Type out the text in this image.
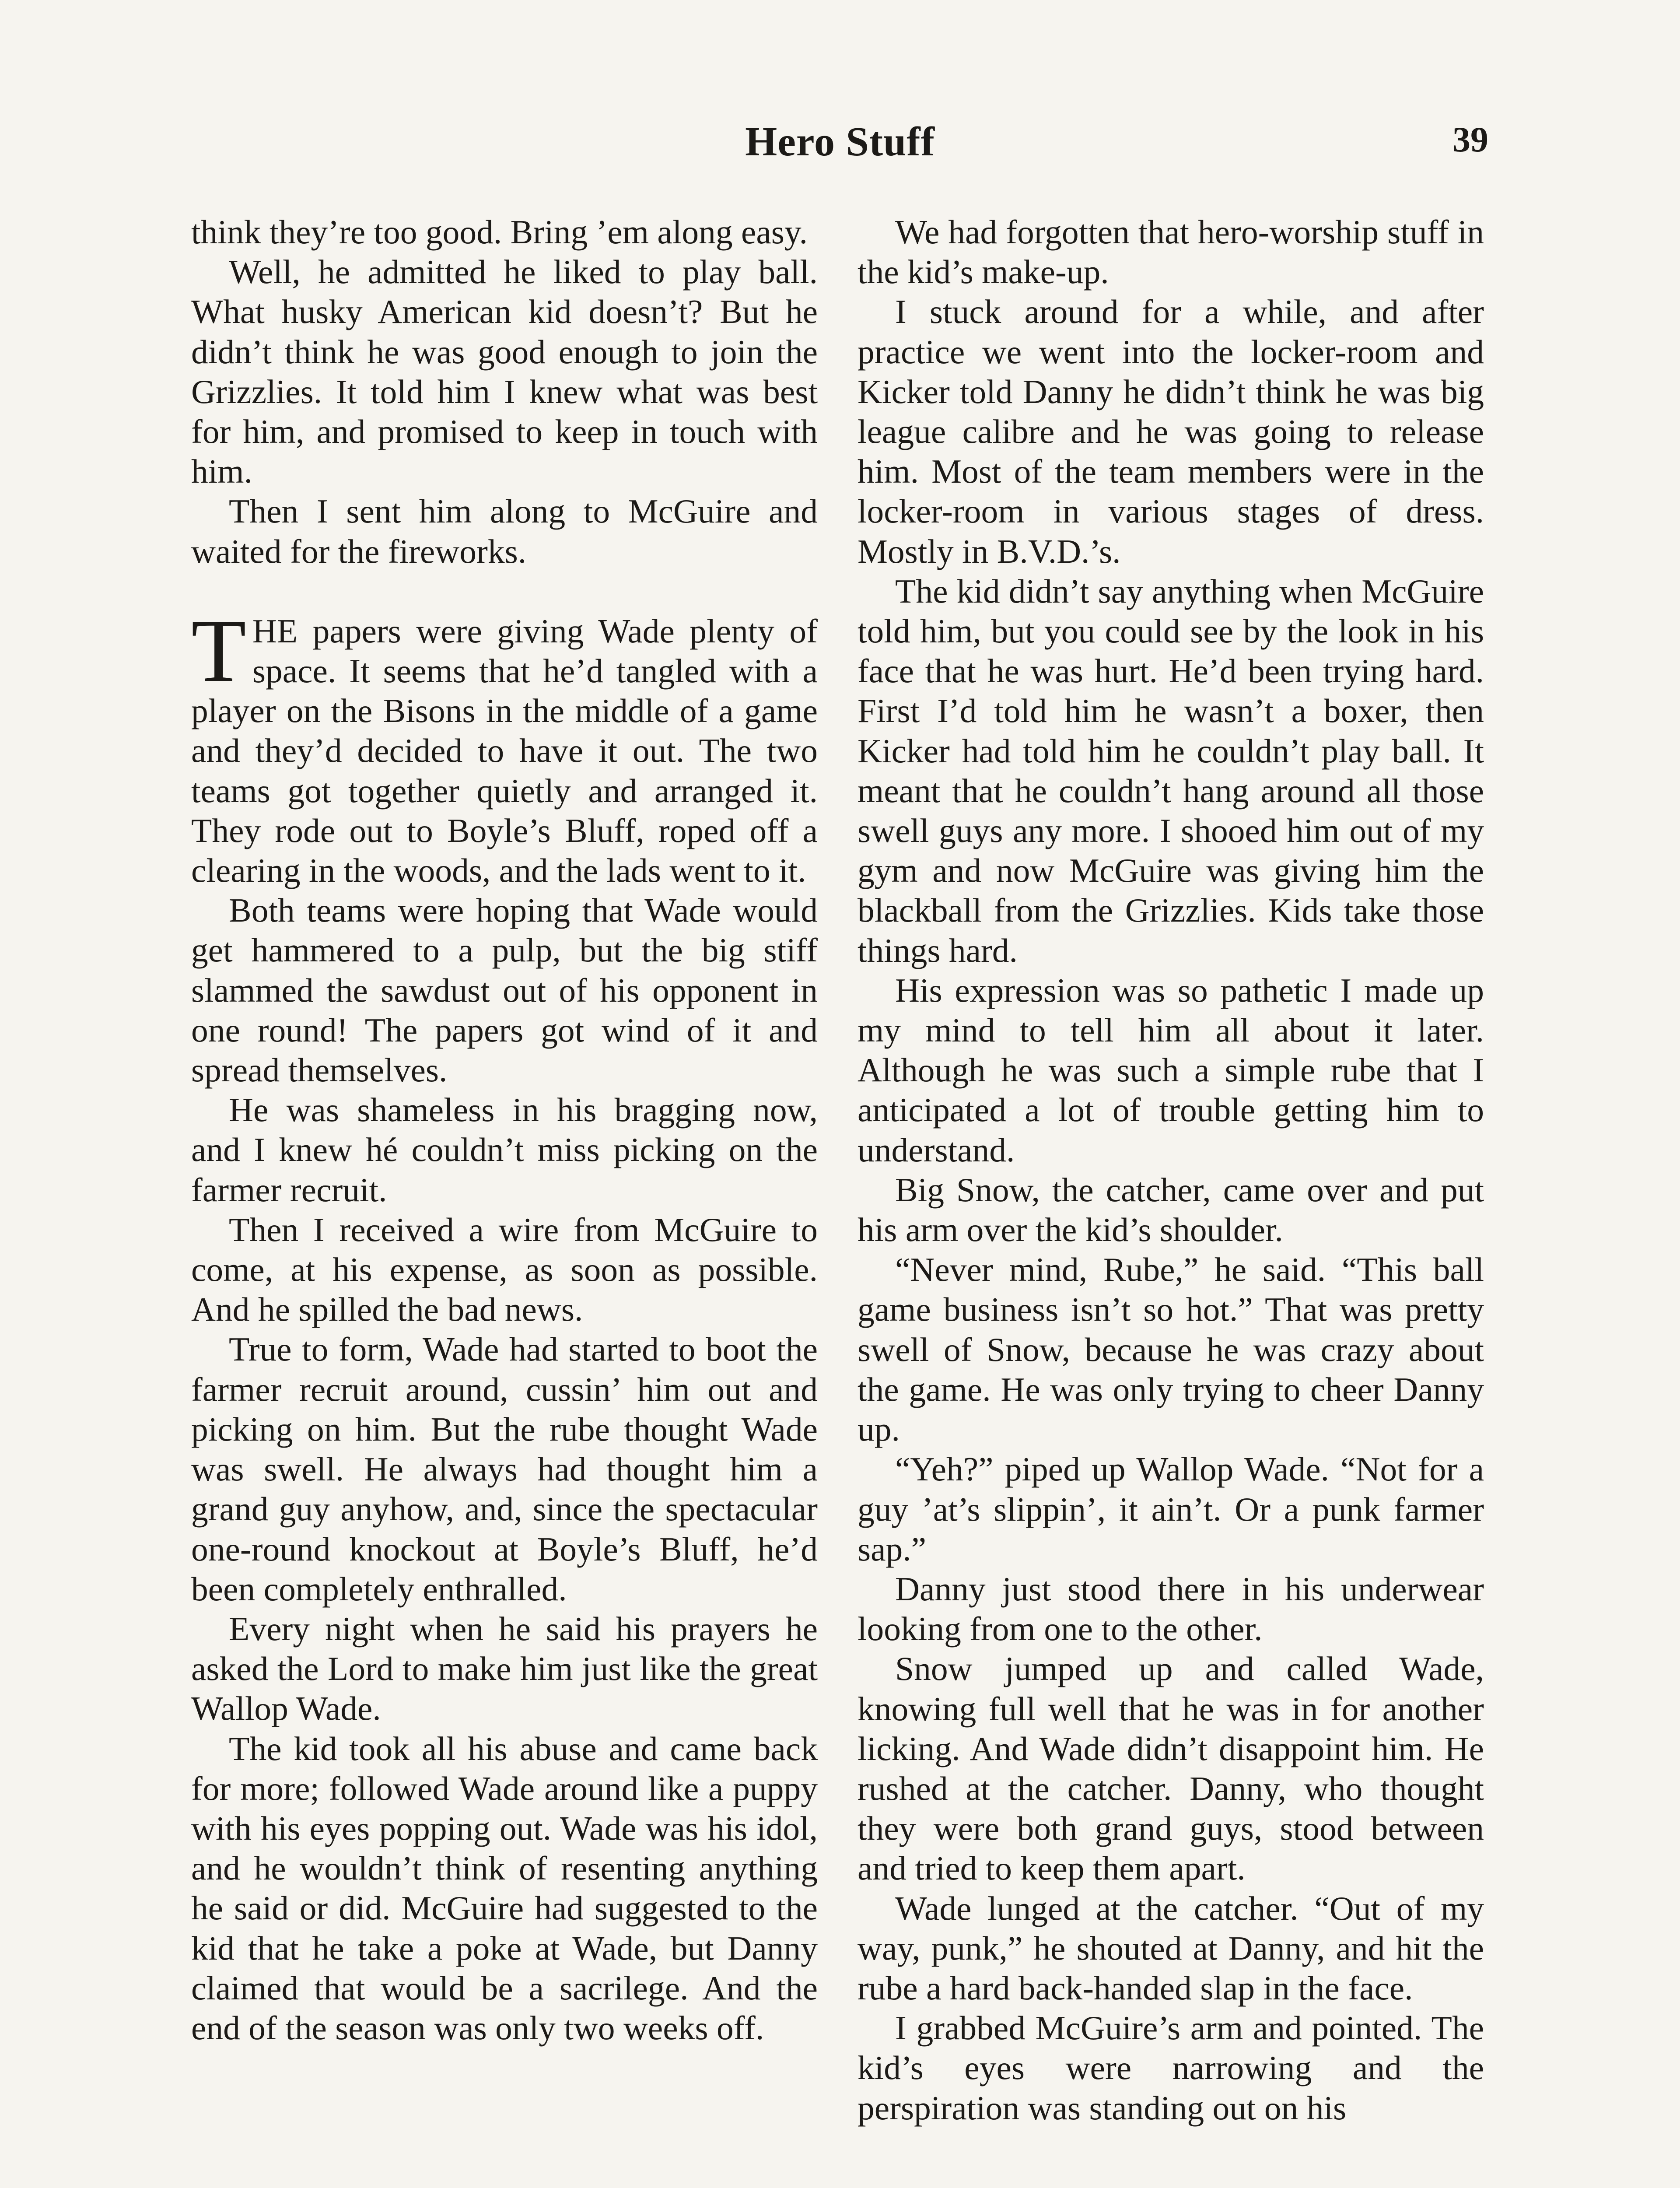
Hero Stuff	39

think they’re too good. Bring ’em along easy.

Well, he admitted he liked to play ball. What husky American kid doesn’t? But he didn’t think he was good enough to join the Grizzlies. It told him I knew what was best for him, and promised to keep in touch with him.

Then I sent him along to McGuire and waited for the fireworks.

THE papers were giving Wade plenty of space. It seems that he’d tangled with a player on the Bisons in the middle of a game and they’d decided to have it out. The two teams got together quietly and arranged it. They rode out to Boyle’s Bluff, roped off a clearing in the woods, and the lads went to it.

Both teams were hoping that Wade would get hammered to a pulp, but the big stiff slammed the sawdust out of his opponent in one round! The papers got wind of it and spread themselves.

He was shameless in his bragging now, and I knew hé couldn’t miss picking on the farmer recruit.

Then I received a wire from McGuire to come, at his expense, as soon as possible. And he spilled the bad news.

True to form, Wade had started to boot the farmer recruit around, cussin’ him out and picking on him. But the rube thought Wade was swell. He always had thought him a grand guy anyhow, and, since the spectacular one-round knockout at Boyle’s Bluff, he’d been completely enthralled.

Every night when he said his prayers he asked the Lord to make him just like the great Wallop Wade.

The kid took all his abuse and came back for more; followed Wade around like a puppy with his eyes popping out. Wade was his idol, and he wouldn’t think of resenting anything he said or did. McGuire had suggested to the kid that he take a poke at Wade, but Danny claimed that would be a sacrilege. And the end of the season was only two weeks off.

We had forgotten that hero-worship stuff in the kid’s make-up.

I stuck around for a while, and after practice we went into the locker-room and Kicker told Danny he didn’t think he was big league calibre and he was going to release him. Most of the team members were in the locker-room in various stages of dress. Mostly in B.V.D.’s.

The kid didn’t say anything when McGuire told him, but you could see by the look in his face that he was hurt. He’d been trying hard. First I’d told him he wasn’t a boxer, then Kicker had told him he couldn’t play ball. It meant that he couldn’t hang around all those swell guys any more. I shooed him out of my gym and now McGuire was giving him the blackball from the Grizzlies. Kids take those things hard.

His expression was so pathetic I made up my mind to tell him all about it later. Although he was such a simple rube that I anticipated a lot of trouble getting him to understand.

Big Snow, the catcher, came over and put his arm over the kid’s shoulder.

“Never mind, Rube,” he said. “This ball game business isn’t so hot.” That was pretty swell of Snow, because he was crazy about the game. He was only trying to cheer Danny up.

“Yeh?” piped up Wallop Wade. “Not for a guy ’at’s slippin’, it ain’t. Or a punk farmer sap.”

Danny just stood there in his underwear looking from one to the other.

Snow jumped up and called Wade, knowing full well that he was in for another licking. And Wade didn’t disappoint him. He rushed at the catcher. Danny, who thought they were both grand guys, stood between and tried to keep them apart.

Wade lunged at the catcher. “Out of my way, punk,” he shouted at Danny, and hit the rube a hard back-handed slap in the face.

I grabbed McGuire’s arm and pointed. The kid’s eyes were narrowing and the perspiration was standing out on his
